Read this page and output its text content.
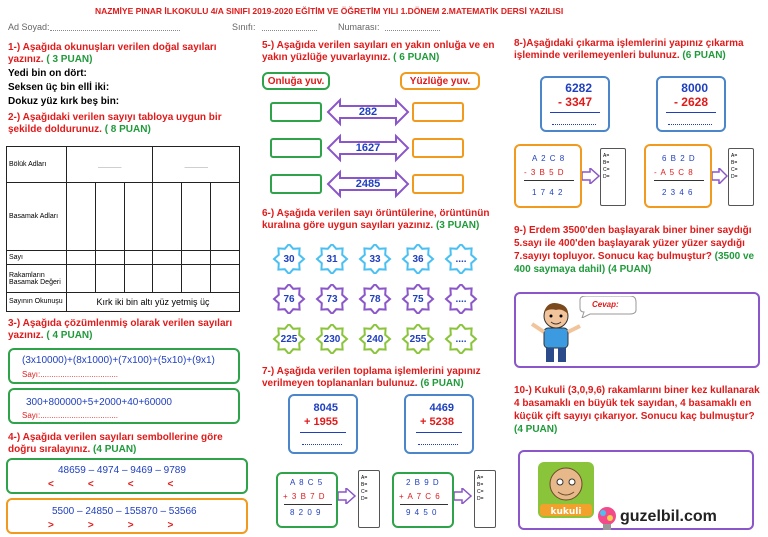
NAZMİYE PINAR İLKOKULU 4/A SINIFI 2019-2020 EĞİTİM VE ÖĞRETİM YILI 1.DÖNEM 2.MATEMATİK DERSİ YAZILISI
Ad Soyad:	Sınıfı:	Numarası:
1-) Aşağıda okunuşları verilen doğal sayıları yazınız. ( 3 PUAN)
Yedi bin on dört:
Seksen üç bin ellİ iki:
Dokuz yüz kırk beş bin:
2-) Aşağıdaki verilen sayıyı tabloya uygun bir şekilde doldurunuz. ( 8 PUAN)
Bölük Adları	______			______		
Basamak Adları						
Sayı						
Rakamların Basamak Değeri						
Sayının Okunuşu	Kırk iki bin altı yüz yetmiş üç					
3-) Aşağıda çözümlenmiş olarak verilen sayıları yazınız. ( 4 PUAN)
(3x10000)+(8x1000)+(7x100)+(5x10)+(9x1)
Sayı:...................................
300+800000+5+2000+40+60000
Sayı:...................................
4-) Aşağıda verilen sayıları sembollerine göre doğru sıralayınız. (4 PUAN)
48659 – 4974 – 9469 – 9789
<<<<
5500 – 24850 – 155870 – 53566
>>>>
5-) Aşağıda verilen sayıları en yakın onluğa ve en yakın yüzlüğe yuvarlayınız. ( 6 PUAN)
Onluğa yuv.	Yüzlüğe yuv.
282
1627
2485
6-) Aşağıda verilen sayı örüntülerine, örüntünün kuralına göre uygun sayıları yazınız. (3 PUAN)
30	31	33	36	....
76	73	78	75	....
225	230	240	255	....
7-) Aşağıda verilen toplama işlemlerini yapınız verilmeyen toplananları bulunuz. (6 PUAN)
8045
+ 1955
4469
+ 5238
A 8 C 5
+ 3 B 7 D
8 2 0 9
A=
B=
C=
D=
2 B 9 D
+ A 7 C 6
9 4 5 0
A=
B=
C=
D=
8-)Aşağıdaki çıkarma işlemlerini yapınız çıkarma işleminde verilemeyenleri bulunuz. (6 PUAN)
6282
- 3347
8000
- 2628
A 2 C 8
- 3 B 5 D
1 7 4 2
A=
B=
C=
D=
6 B 2 D
- A 5 C 8
2 3 4 6
A=
B=
C=
D=
9-) Erdem 3500'den başlayarak biner biner saydığı 5.sayı ile 400'den başlayarak yüzer yüzer saydığı 7.sayıyı topluyor. Sonucu kaç bulmuştur? (3500 ve 400 saymaya dahil) (4 PUAN)
Cevap:
10-) Kukuli (3,0,9,6) rakamlarını biner kez kullanarak 4 basamaklı en büyük tek sayıdan, 4 basamaklı en küçük çift sayıyı çıkarıyor. Sonucu kaç bulmuştur? (4 PUAN)
kukuli guzelbil.com
